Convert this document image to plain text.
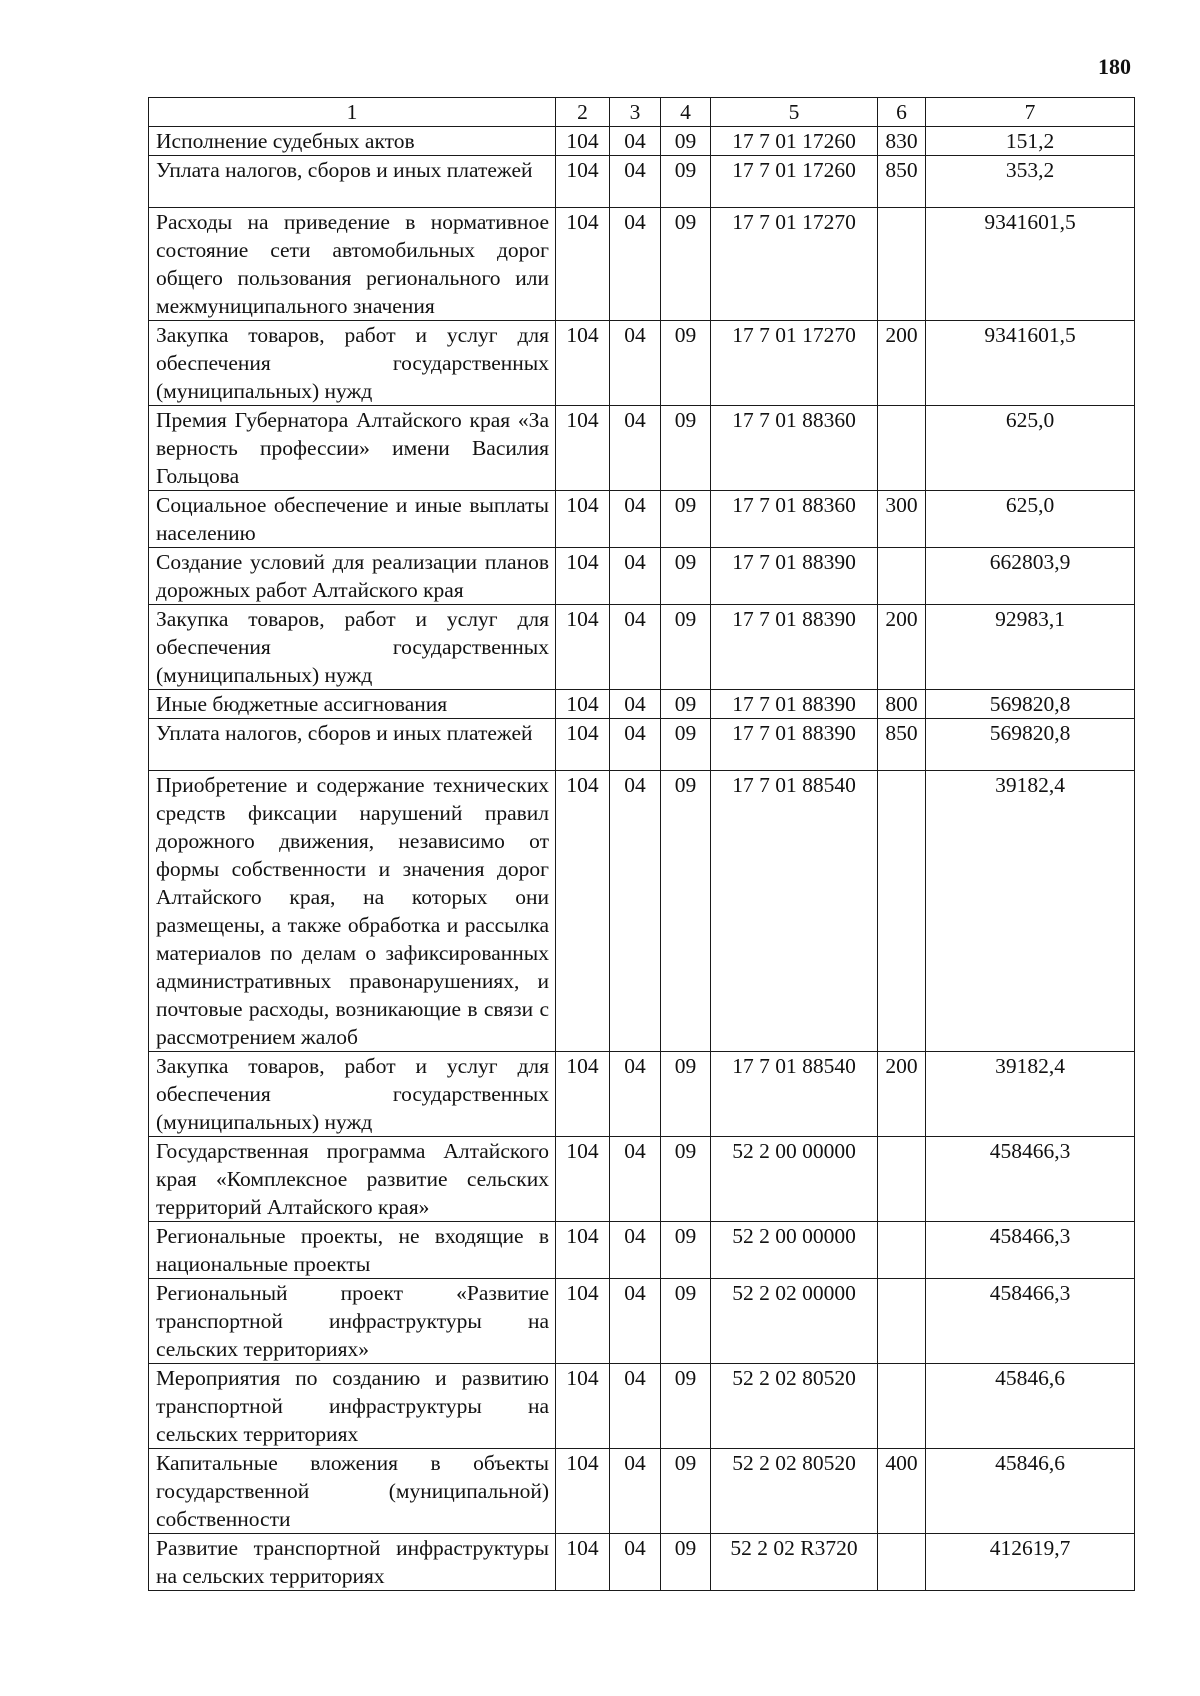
180
1	2	3	4	5	6	7
Исполнение судебных актов	104	04	09	17 7 01 17260	830	151,2
Уплата налогов, сборов и иных платежей	104	04	09	17 7 01 17260	850	353,2
Расходы на приведение в нормативное состояние сети автомобильных дорог общего пользования регионального или межмуниципального значения	104	04	09	17 7 01 17270		9341601,5
Закупка товаров, работ и услуг для обеспечения государственных (муниципальных) нужд	104	04	09	17 7 01 17270	200	9341601,5
Премия Губернатора Алтайского края «За верность профессии» имени Василия Гольцова	104	04	09	17 7 01 88360		625,0
Социальное обеспечение и иные выплаты населению	104	04	09	17 7 01 88360	300	625,0
Создание условий для реализации планов дорожных работ Алтайского края	104	04	09	17 7 01 88390		662803,9
Закупка товаров, работ и услуг для обеспечения государственных (муниципальных) нужд	104	04	09	17 7 01 88390	200	92983,1
Иные бюджетные ассигнования	104	04	09	17 7 01 88390	800	569820,8
Уплата налогов, сборов и иных платежей	104	04	09	17 7 01 88390	850	569820,8
Приобретение и содержание технических средств фиксации нарушений правил дорожного движения, независимо от формы собственности и значения дорог Алтайского края, на которых они размещены, а также обработка и рассылка материалов по делам о зафиксированных административных правонарушениях, и почтовые расходы, возникающие в связи с рассмотрением жалоб	104	04	09	17 7 01 88540		39182,4
Закупка товаров, работ и услуг для обеспечения государственных (муниципальных) нужд	104	04	09	17 7 01 88540	200	39182,4
Государственная программа Алтайского края «Комплексное развитие сельских территорий Алтайского края»	104	04	09	52 2 00 00000		458466,3
Региональные проекты, не входящие в национальные проекты	104	04	09	52 2 00 00000		458466,3
Региональный проект «Развитие транспортной инфраструктуры на сельских территориях»	104	04	09	52 2 02 00000		458466,3
Мероприятия по созданию и развитию транспортной инфраструктуры на сельских территориях	104	04	09	52 2 02 80520		45846,6
Капитальные вложения в объекты государственной (муниципальной) собственности	104	04	09	52 2 02 80520	400	45846,6
Развитие транспортной инфраструктуры на сельских территориях	104	04	09	52 2 02 R3720		412619,7
